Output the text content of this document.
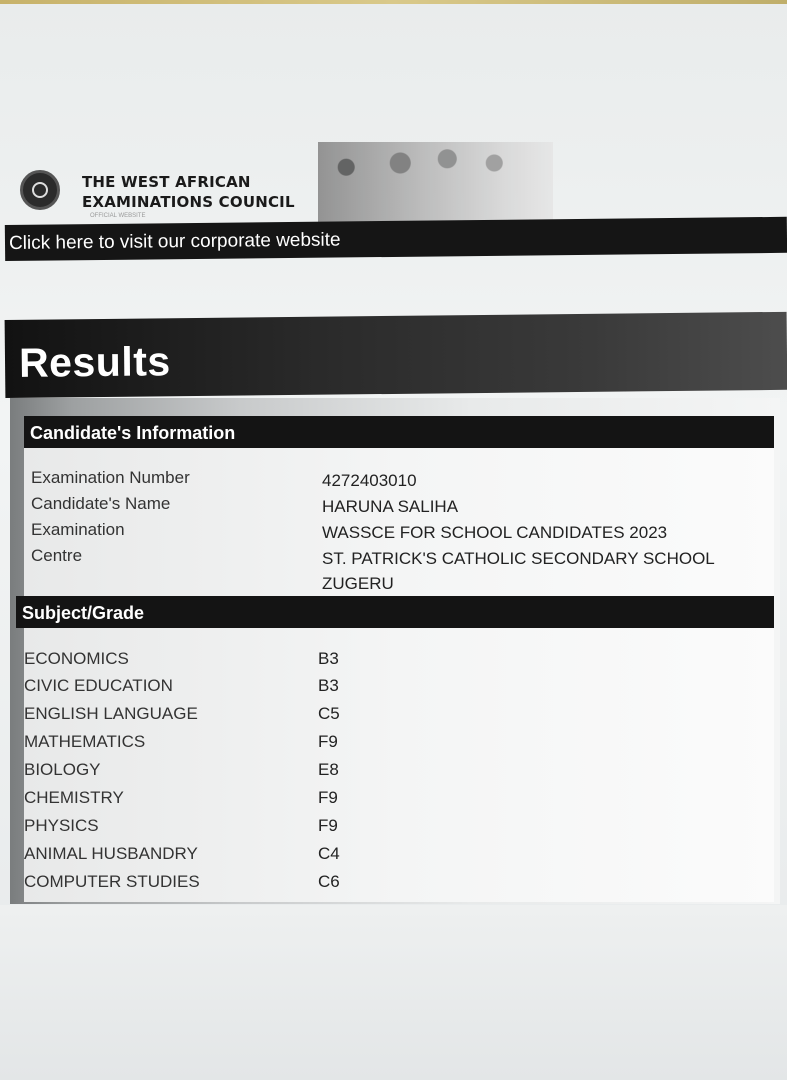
THE WEST AFRICAN
EXAMINATIONS COUNCIL
OFFICIAL WEBSITE
Click here to visit our corporate website
Results
Candidate's Information
Examination Number	4272403010
Candidate's Name	HARUNA SALIHA
Examination	WASSCE FOR SCHOOL CANDIDATES 2023
Centre	ST. PATRICK'S CATHOLIC SECONDARY SCHOOL ZUGERU
Subject/Grade
ECONOMICS	B3
CIVIC EDUCATION	B3
ENGLISH LANGUAGE	C5
MATHEMATICS	F9
BIOLOGY	E8
CHEMISTRY	F9
PHYSICS	F9
ANIMAL HUSBANDRY	C4
COMPUTER STUDIES	C6
